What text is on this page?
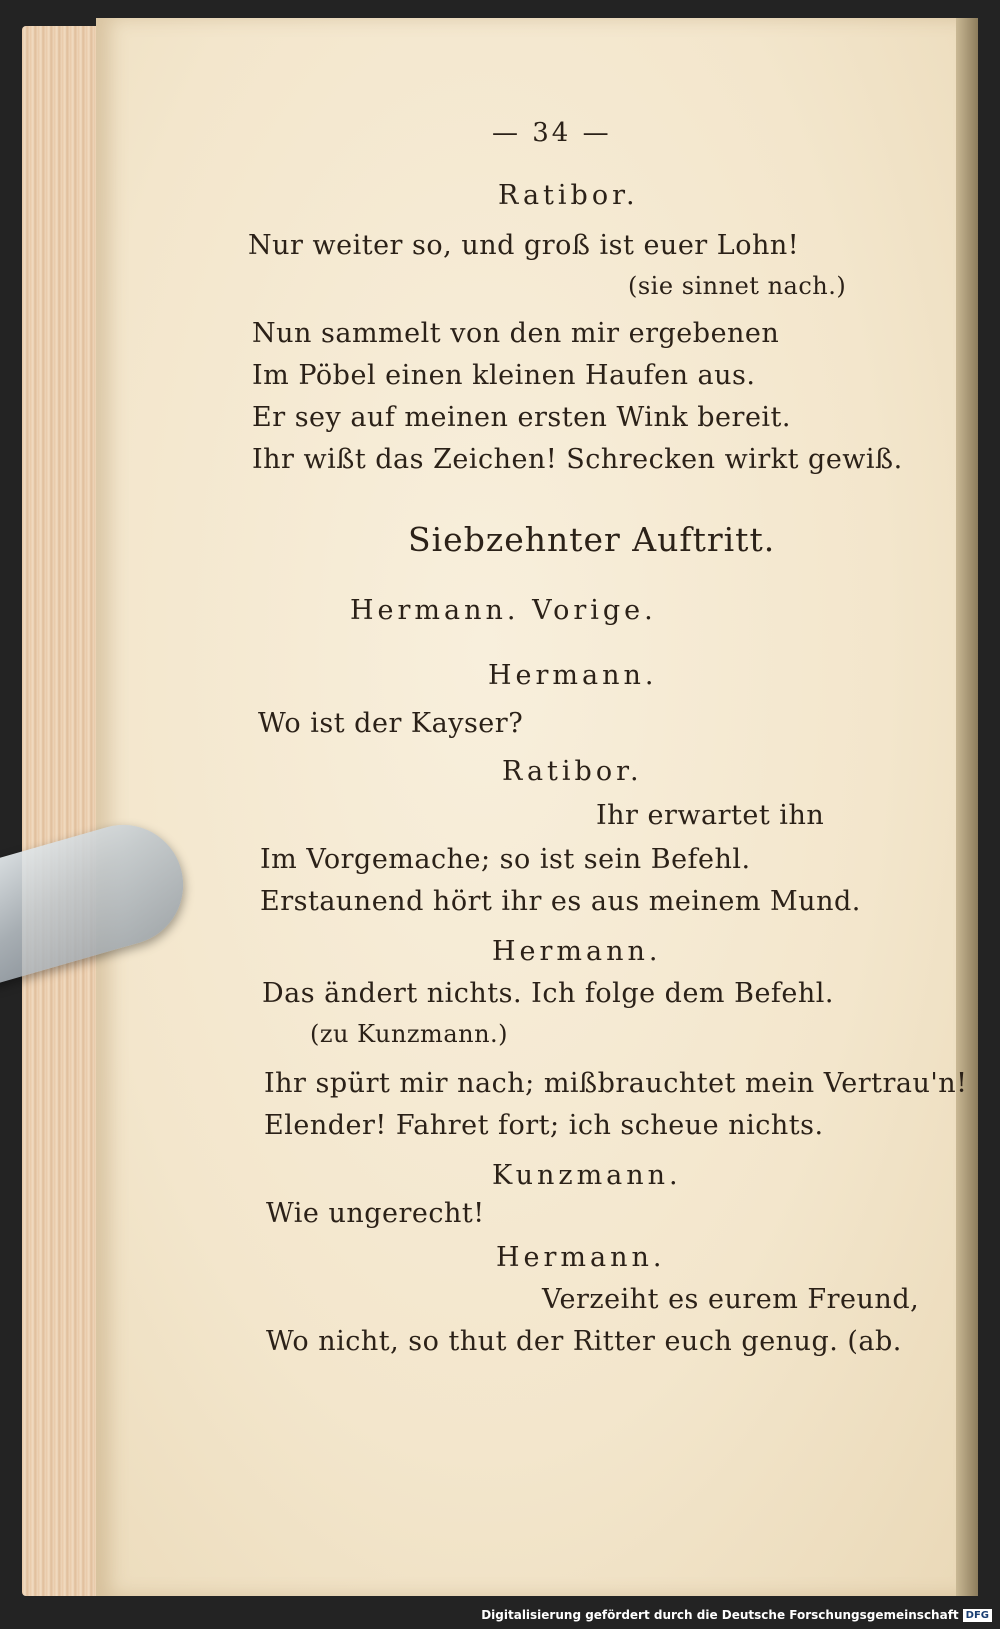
— 34 —
Ratibor.
Nur weiter so, und groß ist euer Lohn!
(sie sinnet nach.)
Nun sammelt von den mir ergebenen
Im Pöbel einen kleinen Haufen aus.
Er sey auf meinen ersten Wink bereit.
Ihr wißt das Zeichen! Schrecken wirkt gewiß.
Siebzehnter Auftritt.
Hermann. Vorige.
Hermann.
Wo ist der Kayser?
Ratibor.
Ihr erwartet ihn
Im Vorgemache; so ist sein Befehl.
Erstaunend hört ihr es aus meinem Mund.
Hermann.
Das ändert nichts. Ich folge dem Befehl.
(zu Kunzmann.)
Ihr spürt mir nach; mißbrauchtet mein Vertrau'n!
Elender! Fahret fort; ich scheue nichts.
Kunzmann.
Wie ungerecht!
Hermann.
Verzeiht es eurem Freund,
Wo nicht, so thut der Ritter euch genug. (ab.
Digitalisierung gefördert durch die Deutsche Forschungsgemeinschaft DFG
